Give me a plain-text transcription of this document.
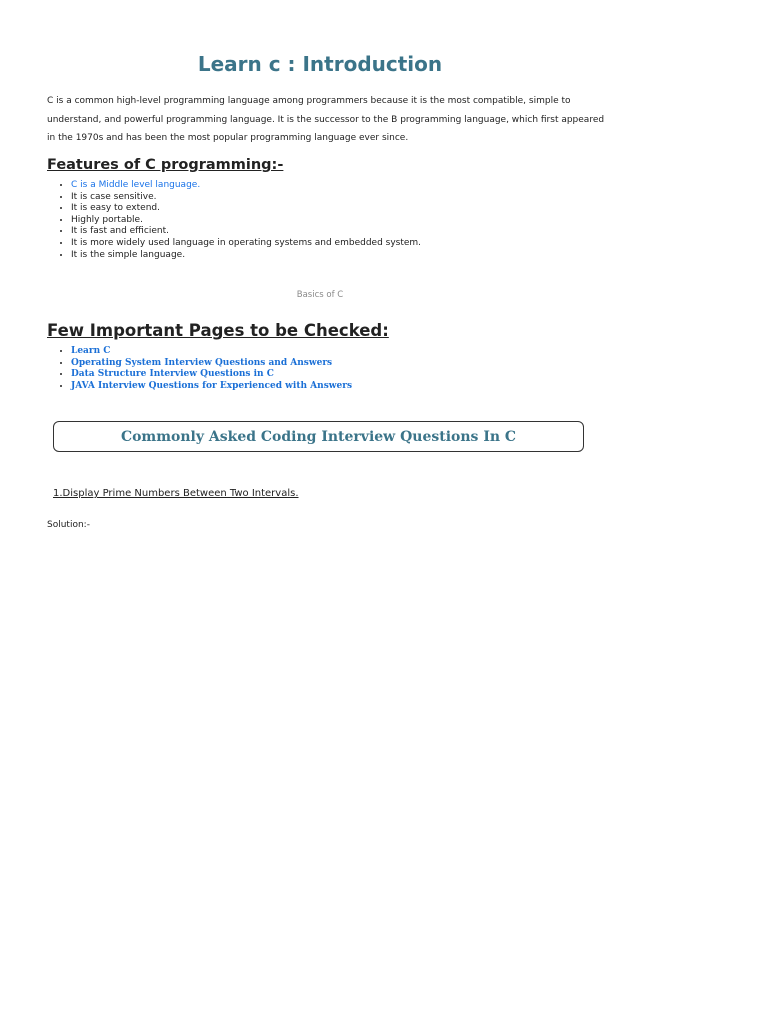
Learn c : Introduction

C is a common high-level programming language among programmers because it is the most compatible, simple to understand, and powerful programming language. It is the successor to the B programming language, which first appeared in the 1970s and has been the most popular programming language ever since.

Features of C programming:-
• C is a Middle level language.
• It is case sensitive.
• It is easy to extend.
• Highly portable.
• It is fast and efficient.
• It is more widely used language in operating systems and embedded system.
• It is the simple language.

Basics of C

Few Important Pages to be Checked:
• Learn C
• Operating System Interview Questions and Answers
• Data Structure Interview Questions in C
• JAVA Interview Questions for Experienced with Answers
Commonly Asked Coding Interview Questions In C

1.Display Prime Numbers Between Two Intervals.

Solution:-
